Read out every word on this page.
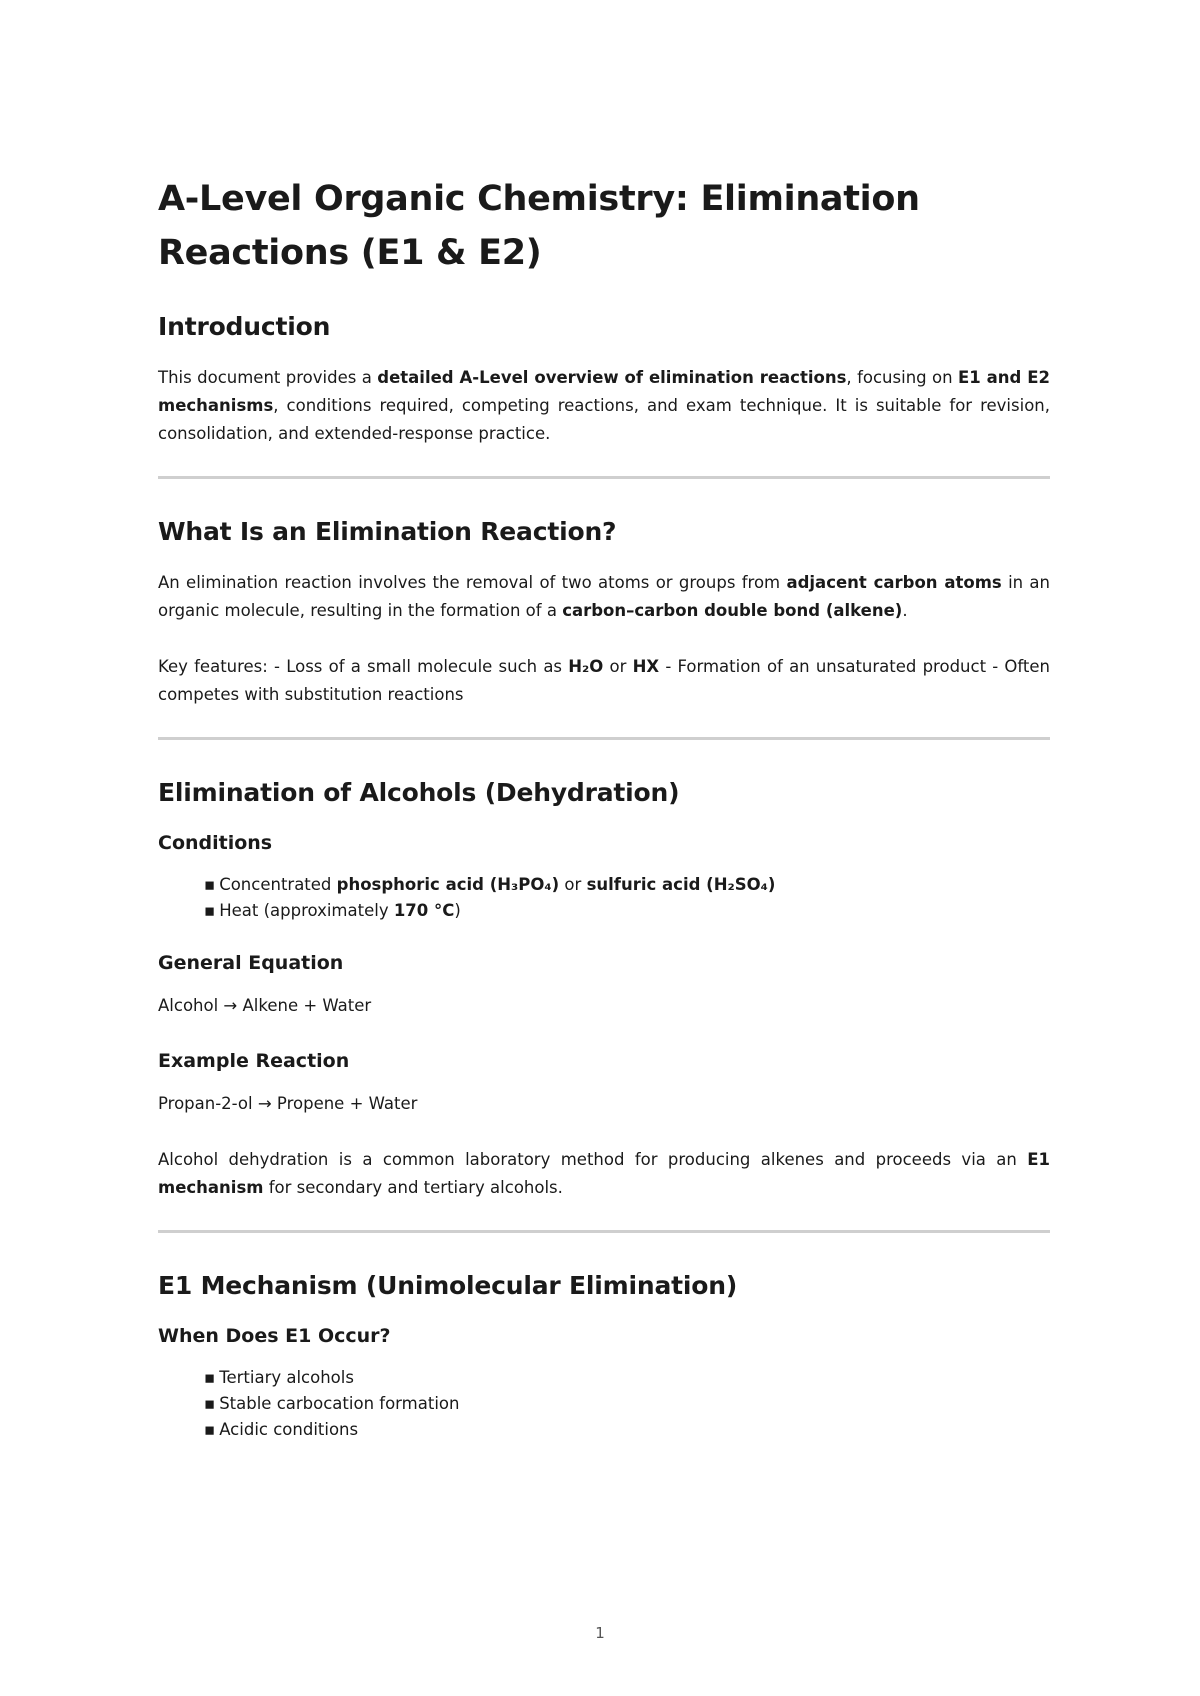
A-Level Organic Chemistry: Elimination Reactions (E1 & E2)
Introduction

This document provides a detailed A-Level overview of elimination reactions, focusing on E1 and E2 mechanisms, conditions required, competing reactions, and exam technique. It is suitable for revision, consolidation, and extended-response practice.

What Is an Elimination Reaction?

An elimination reaction involves the removal of two atoms or groups from adjacent carbon atoms in an organic molecule, resulting in the formation of a carbon–carbon double bond (alkene).

Key features: - Loss of a small molecule such as H₂O or HX - Formation of an unsaturated product - Often competes with substitution reactions

Elimination of Alcohols (Dehydration)
Conditions
▪ Concentrated phosphoric acid (H₃PO₄) or sulfuric acid (H₂SO₄)
▪ Heat (approximately 170 °C)
General Equation

Alcohol → Alkene + Water

Example Reaction

Propan-2-ol → Propene + Water

Alcohol dehydration is a common laboratory method for producing alkenes and proceeds via an E1 mechanism for secondary and tertiary alcohols.

E1 Mechanism (Unimolecular Elimination)
When Does E1 Occur?
▪ Tertiary alcohols
▪ Stable carbocation formation
▪ Acidic conditions
1
